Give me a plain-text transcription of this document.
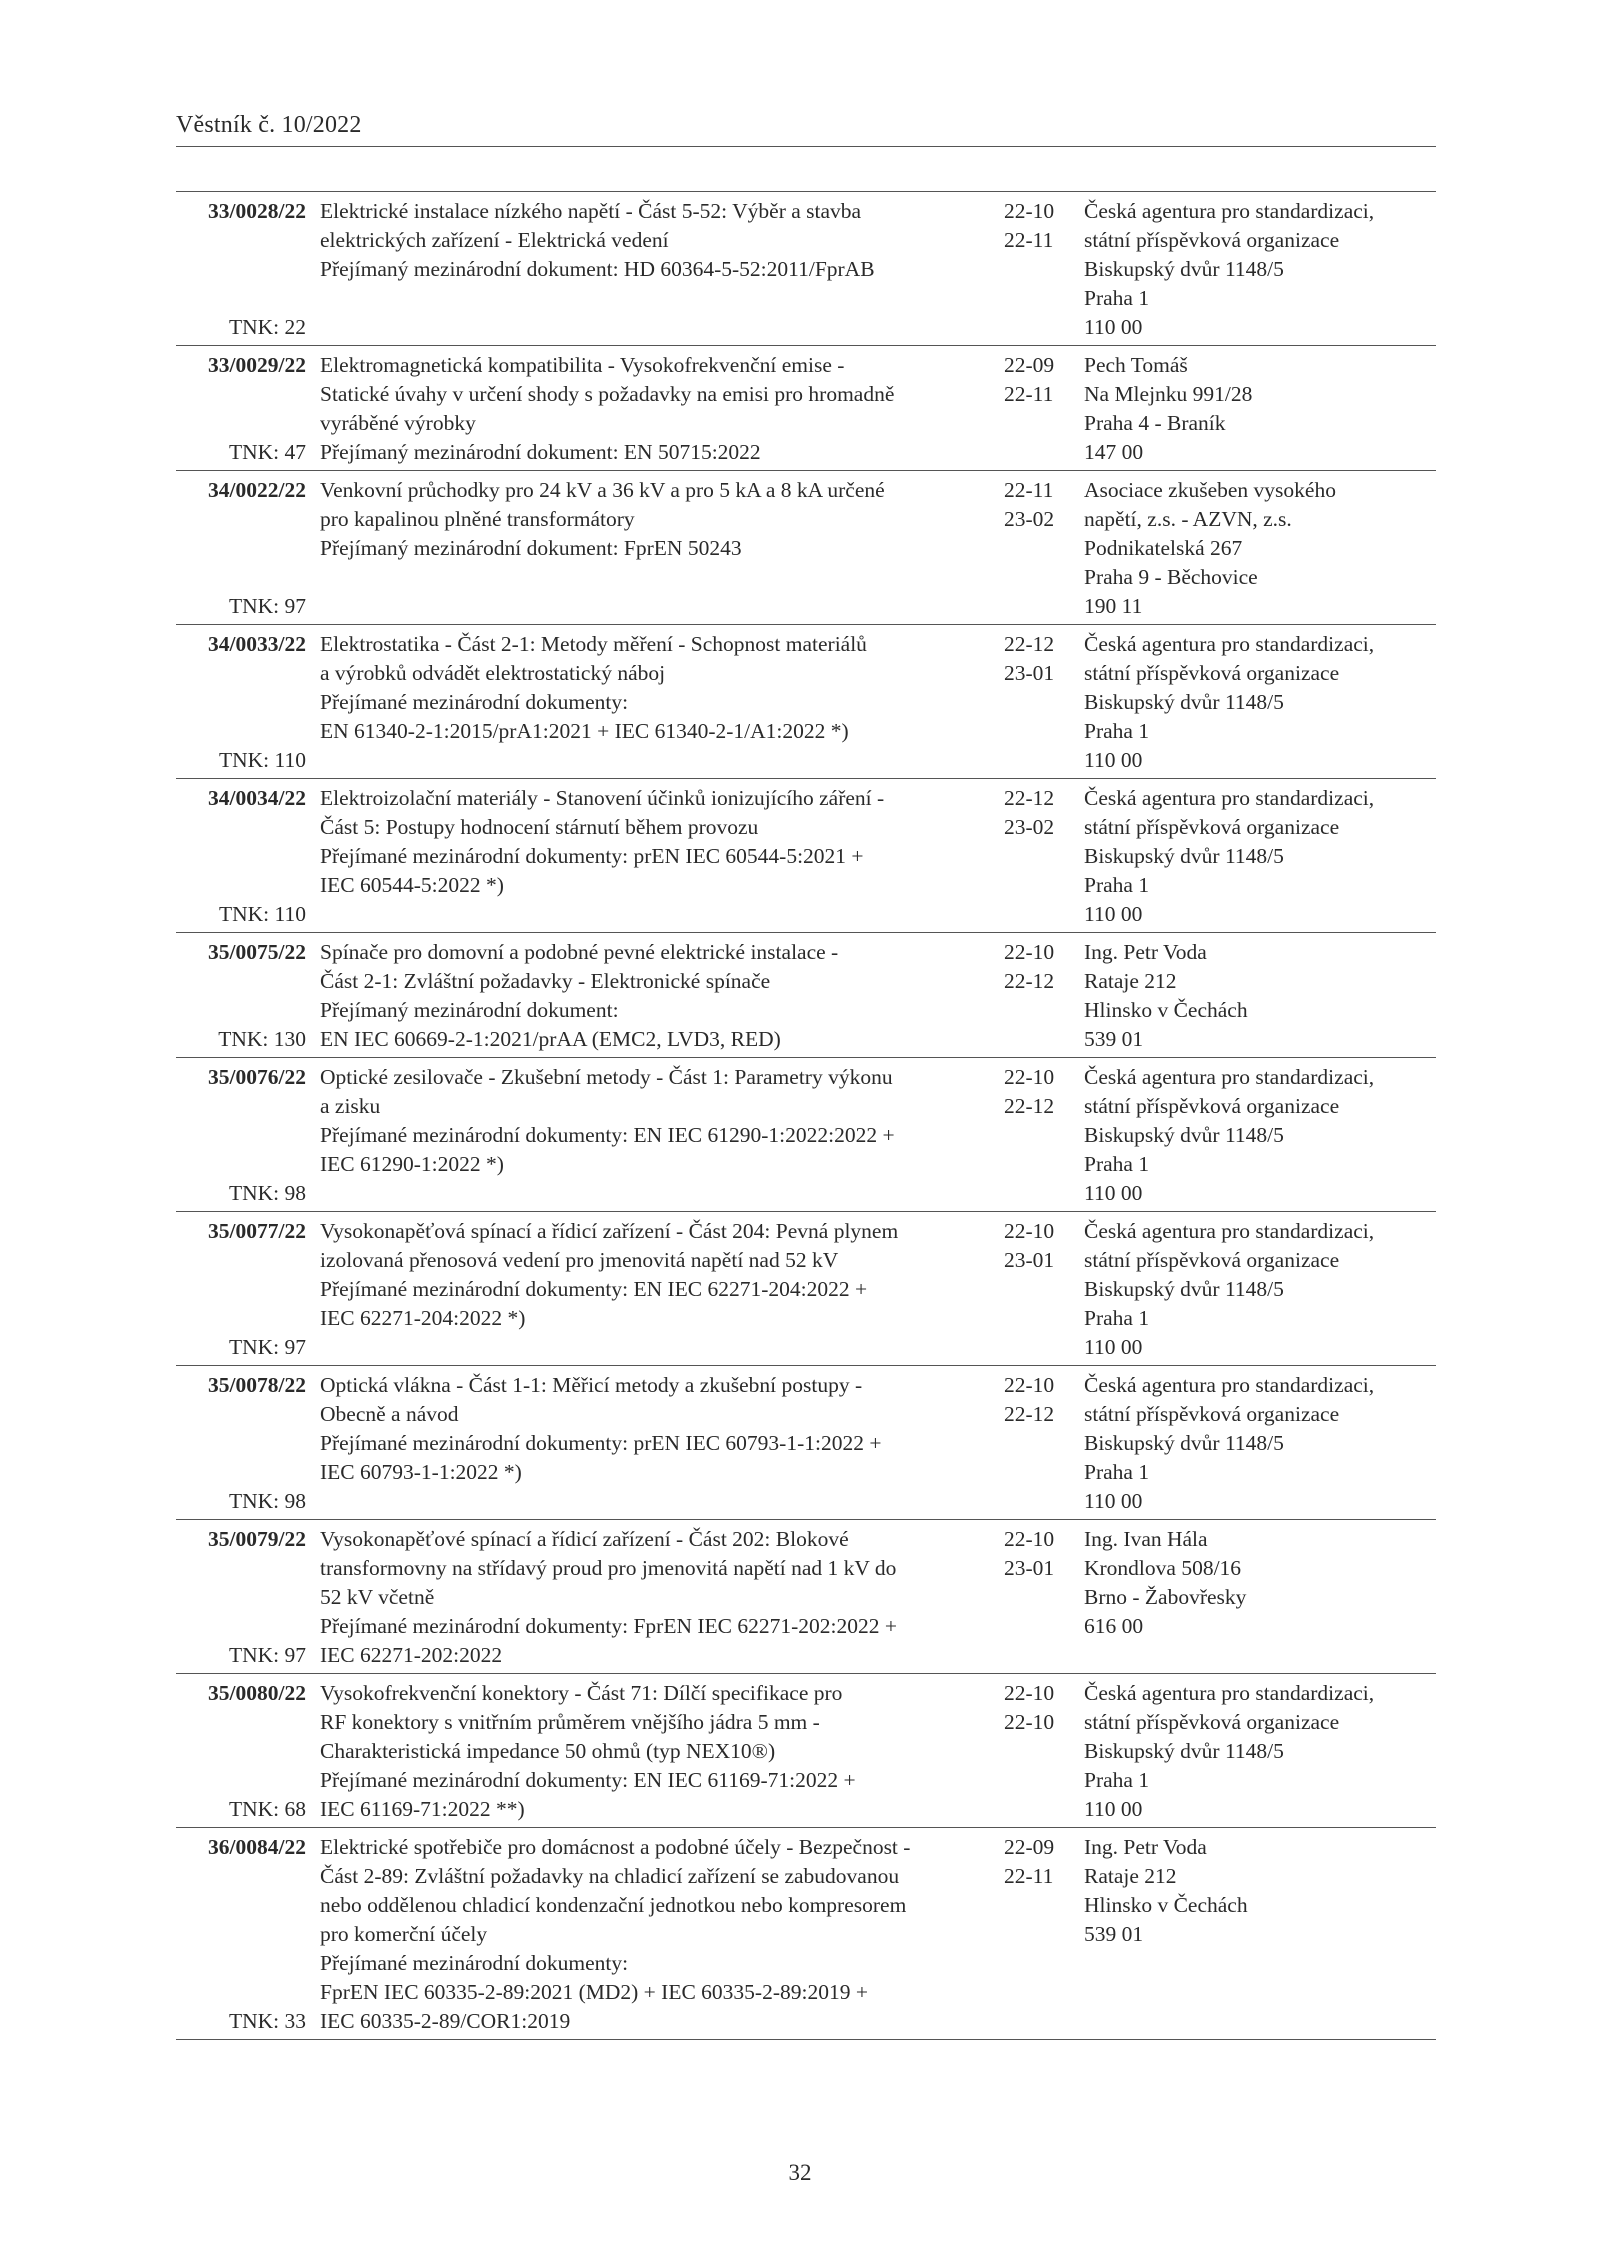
Věstník č. 10/2022
33/0028/22
TNK: 22
Elektrické instalace nízkého napětí - Část 5-52: Výběr a stavba
elektrických zařízení - Elektrická vedení
Přejímaný mezinárodní dokument: HD 60364-5-52:2011/FprAB
22-10
22-11
Česká agentura pro standardizaci,
státní příspěvková organizace
Biskupský dvůr 1148/5
Praha 1
110 00
33/0029/22
TNK: 47
Elektromagnetická kompatibilita - Vysokofrekvenční emise -
Statické úvahy v určení shody s požadavky na emisi pro hromadně
vyráběné výrobky
Přejímaný mezinárodní dokument: EN 50715:2022
22-09
22-11
Pech Tomáš
Na Mlejnku 991/28
Praha 4 - Braník
147 00
34/0022/22
TNK: 97
Venkovní průchodky pro 24 kV a 36 kV a pro 5 kA a 8 kA určené
pro kapalinou plněné transformátory
Přejímaný mezinárodní dokument: FprEN 50243
22-11
23-02
Asociace zkušeben vysokého
napětí, z.s. - AZVN, z.s.
Podnikatelská 267
Praha 9 - Běchovice
190 11
34/0033/22
TNK: 110
Elektrostatika - Část 2-1: Metody měření - Schopnost materiálů
a výrobků odvádět elektrostatický náboj
Přejímané mezinárodní dokumenty:
EN 61340-2-1:2015/prA1:2021 + IEC 61340-2-1/A1:2022 *)
22-12
23-01
Česká agentura pro standardizaci,
státní příspěvková organizace
Biskupský dvůr 1148/5
Praha 1
110 00
34/0034/22
TNK: 110
Elektroizolační materiály - Stanovení účinků ionizujícího záření -
Část 5: Postupy hodnocení stárnutí během provozu
Přejímané mezinárodní dokumenty: prEN IEC 60544-5:2021 +
IEC 60544-5:2022 *)
22-12
23-02
Česká agentura pro standardizaci,
státní příspěvková organizace
Biskupský dvůr 1148/5
Praha 1
110 00
35/0075/22
TNK: 130
Spínače pro domovní a podobné pevné elektrické instalace -
Část 2-1: Zvláštní požadavky - Elektronické spínače
Přejímaný mezinárodní dokument:
EN IEC 60669-2-1:2021/prAA (EMC2, LVD3, RED)
22-10
22-12
Ing. Petr Voda
Rataje 212
Hlinsko v Čechách
539 01
35/0076/22
TNK: 98
Optické zesilovače - Zkušební metody - Část 1: Parametry výkonu
a zisku
Přejímané mezinárodní dokumenty: EN IEC 61290-1:2022:2022 +
IEC 61290-1:2022 *)
22-10
22-12
Česká agentura pro standardizaci,
státní příspěvková organizace
Biskupský dvůr 1148/5
Praha 1
110 00
35/0077/22
TNK: 97
Vysokonapěťová spínací a řídicí zařízení - Část 204: Pevná plynem
izolovaná přenosová vedení pro jmenovitá napětí nad 52 kV
Přejímané mezinárodní dokumenty: EN IEC 62271-204:2022 +
IEC 62271-204:2022 *)
22-10
23-01
Česká agentura pro standardizaci,
státní příspěvková organizace
Biskupský dvůr 1148/5
Praha 1
110 00
35/0078/22
TNK: 98
Optická vlákna - Část 1-1: Měřicí metody a zkušební postupy -
Obecně a návod
Přejímané mezinárodní dokumenty: prEN IEC 60793-1-1:2022 +
IEC 60793-1-1:2022 *)
22-10
22-12
Česká agentura pro standardizaci,
státní příspěvková organizace
Biskupský dvůr 1148/5
Praha 1
110 00
35/0079/22
TNK: 97
Vysokonapěťové spínací a řídicí zařízení - Část 202: Blokové
transformovny na střídavý proud pro jmenovitá napětí nad 1 kV do
52 kV včetně
Přejímané mezinárodní dokumenty: FprEN IEC 62271-202:2022 +
IEC 62271-202:2022
22-10
23-01
Ing. Ivan Hála
Krondlova 508/16
Brno - Žabovřesky
616 00
35/0080/22
TNK: 68
Vysokofrekvenční konektory - Část 71: Dílčí specifikace pro
RF konektory s vnitřním průměrem vnějšího jádra 5 mm -
Charakteristická impedance 50 ohmů (typ NEX10®)
Přejímané mezinárodní dokumenty: EN IEC 61169-71:2022 +
IEC 61169-71:2022 **)
22-10
22-10
Česká agentura pro standardizaci,
státní příspěvková organizace
Biskupský dvůr 1148/5
Praha 1
110 00
36/0084/22
TNK: 33
Elektrické spotřebiče pro domácnost a podobné účely - Bezpečnost -
Část 2-89: Zvláštní požadavky na chladicí zařízení se zabudovanou
nebo oddělenou chladicí kondenzační jednotkou nebo kompresorem
pro komerční účely
Přejímané mezinárodní dokumenty:
FprEN IEC 60335-2-89:2021 (MD2) + IEC 60335-2-89:2019 +
IEC 60335-2-89/COR1:2019
22-09
22-11
Ing. Petr Voda
Rataje 212
Hlinsko v Čechách
539 01
32
